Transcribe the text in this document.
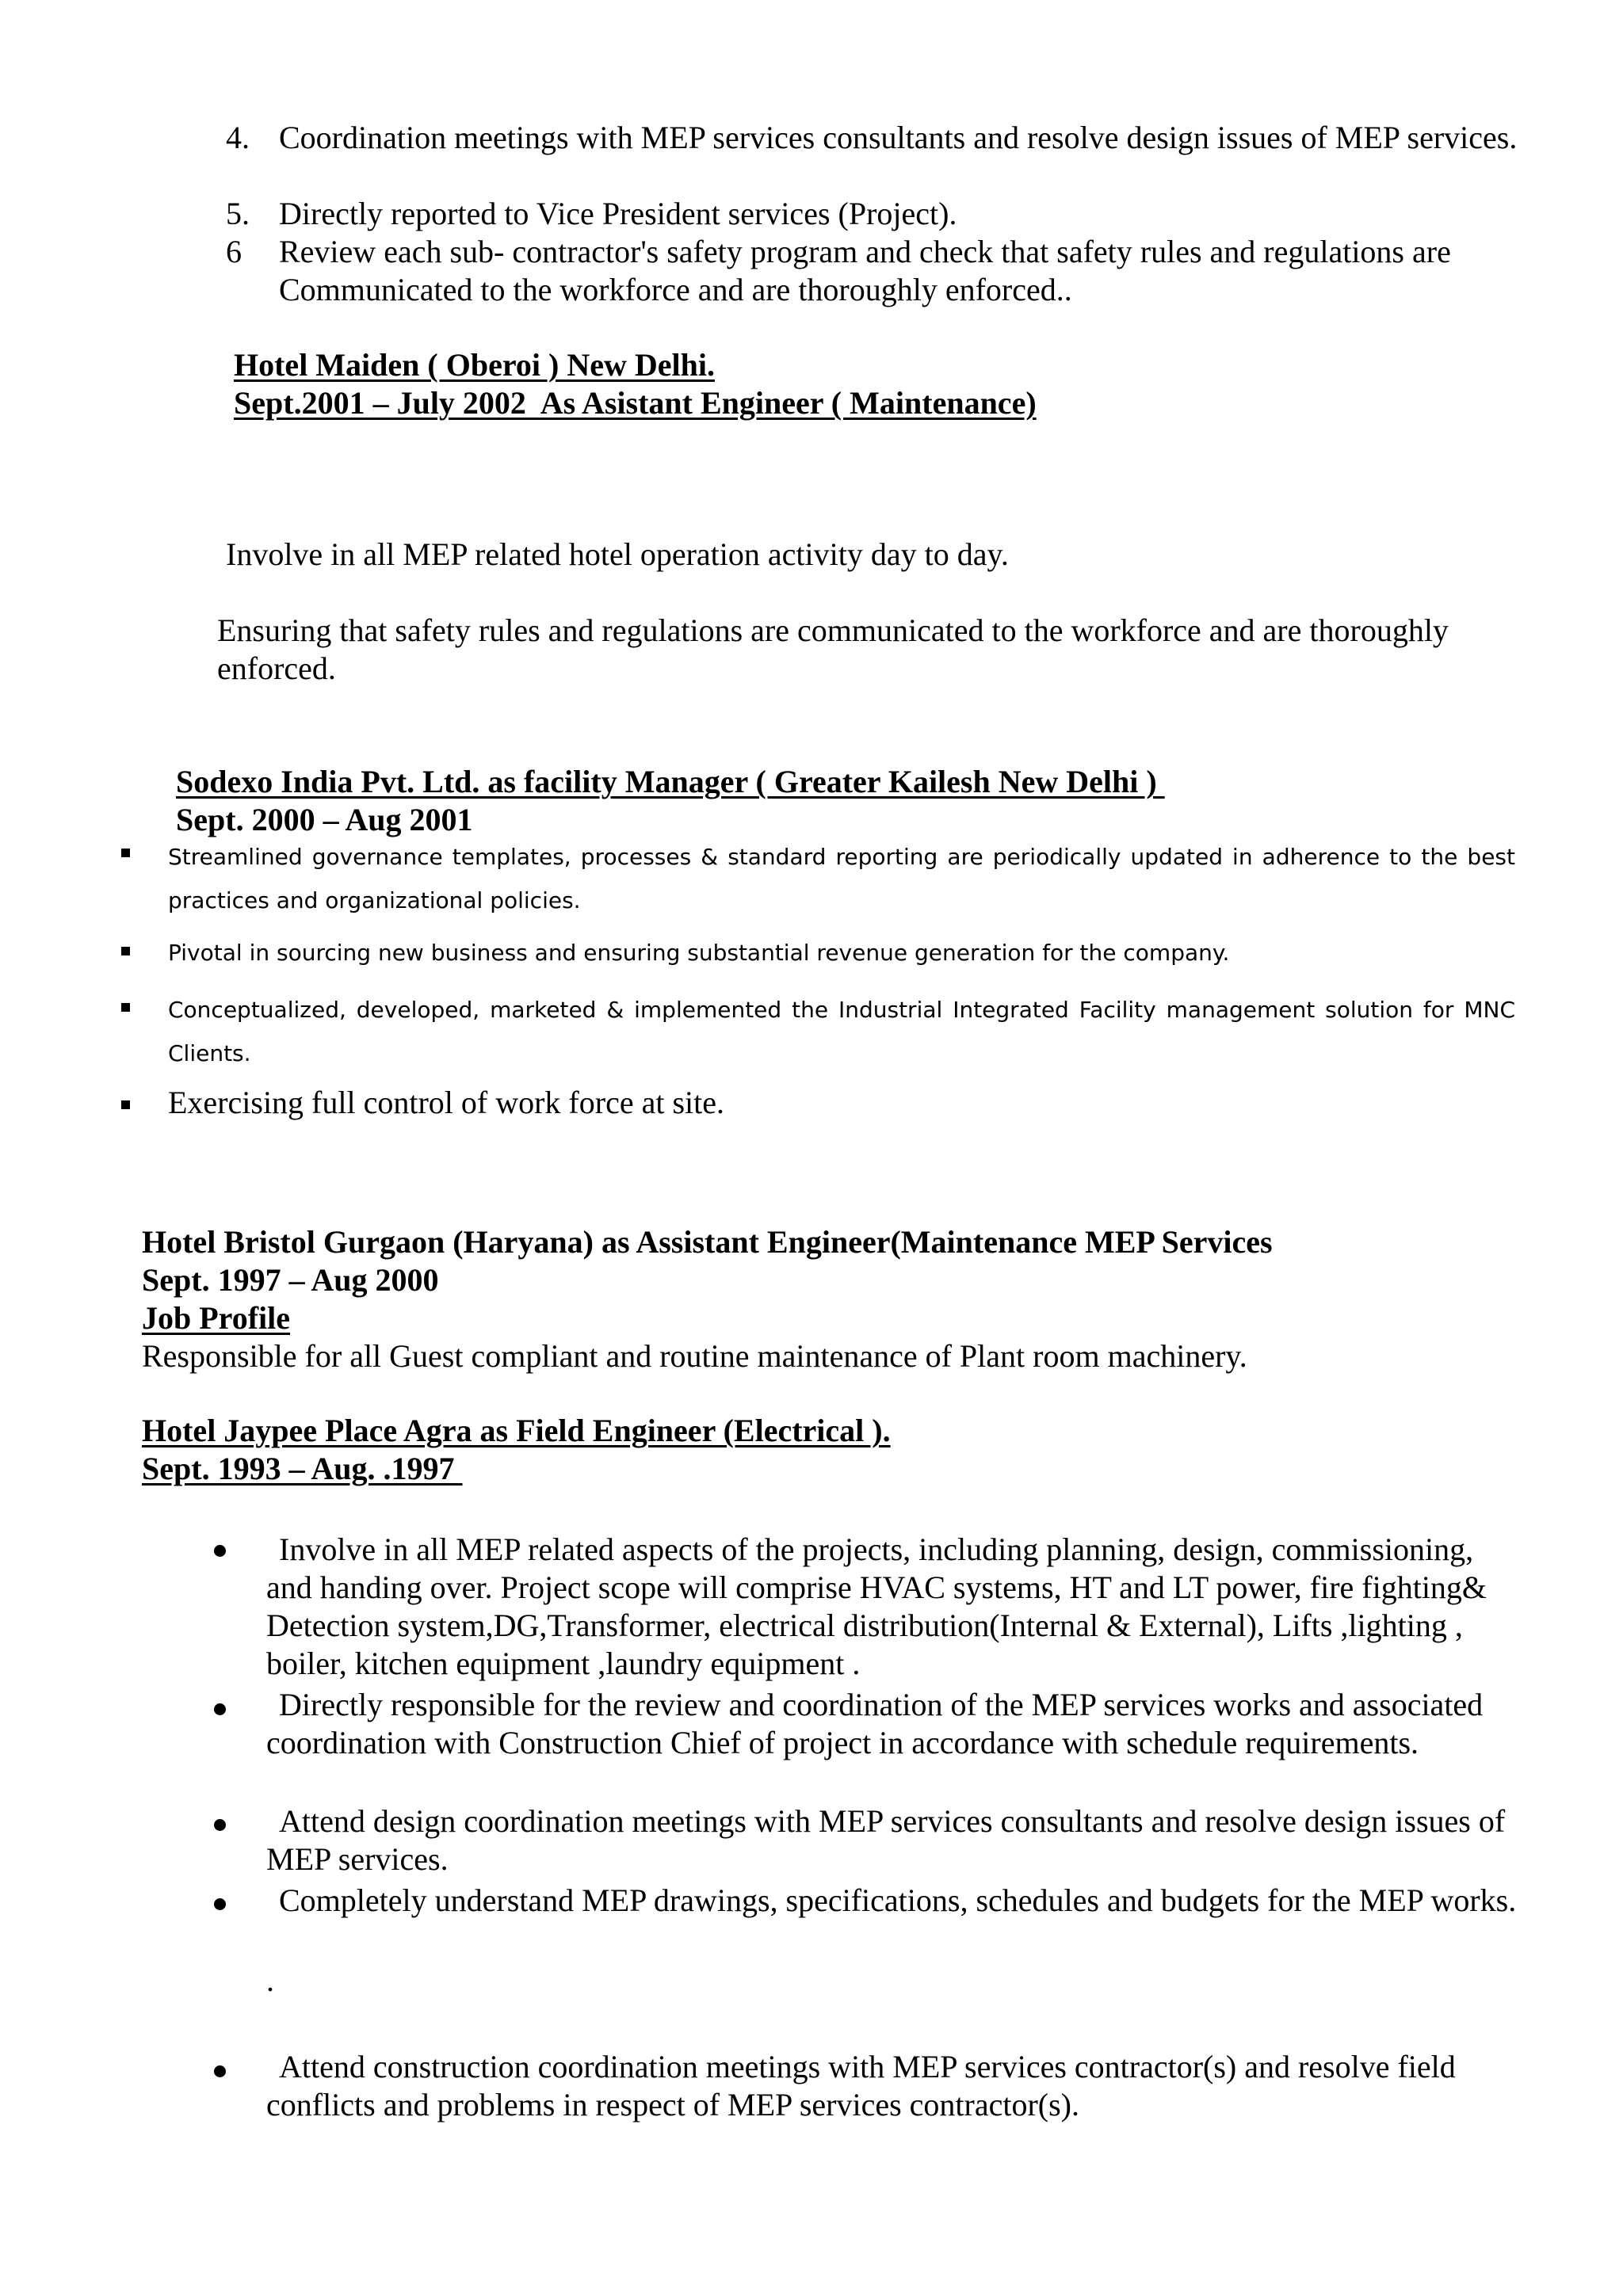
4. Coordination meetings with MEP services consultants and resolve design issues of MEP services.
5. Directly reported to Vice President services (Project).
6 Review each sub- contractor's safety program and check that safety rules and regulations are Communicated to the workforce and are thoroughly enforced..
Hotel Maiden ( Oberoi ) New Delhi.
Sept.2001 – July 2002  As Asistant Engineer ( Maintenance)
Involve in all MEP related hotel operation activity day to day.
Ensuring that safety rules and regulations are communicated to the workforce and are thoroughly enforced.
Sodexo India Pvt. Ltd. as facility Manager ( Greater Kailesh New Delhi )
Sept. 2000 – Aug 2001
Streamlined governance templates, processes & standard reporting are periodically updated in adherence to the best practices and organizational policies.
Pivotal in sourcing new business and ensuring substantial revenue generation for the company.
Conceptualized, developed, marketed & implemented the Industrial Integrated Facility management solution for MNC Clients.
Exercising full control of work force at site.
Hotel Bristol Gurgaon (Haryana) as Assistant Engineer(Maintenance MEP Services
Sept. 1997 – Aug 2000
Job Profile
Responsible for all Guest compliant and routine maintenance of Plant room machinery.
Hotel Jaypee Place Agra as Field Engineer (Electrical ).
Sept. 1993 – Aug. .1997
Involve in all MEP related aspects of the projects, including planning, design, commissioning, and handing over. Project scope will comprise HVAC systems, HT and LT power, fire fighting& Detection system,DG,Transformer, electrical distribution(Internal & External), Lifts ,lighting , boiler, kitchen equipment ,laundry equipment .
Directly responsible for the review and coordination of the MEP services works and associated coordination with Construction Chief of project in accordance with schedule requirements.
Attend design coordination meetings with MEP services consultants and resolve design issues of MEP services.
Completely understand MEP drawings, specifications, schedules and budgets for the MEP works.
.
Attend construction coordination meetings with MEP services contractor(s) and resolve field conflicts and problems in respect of MEP services contractor(s).
